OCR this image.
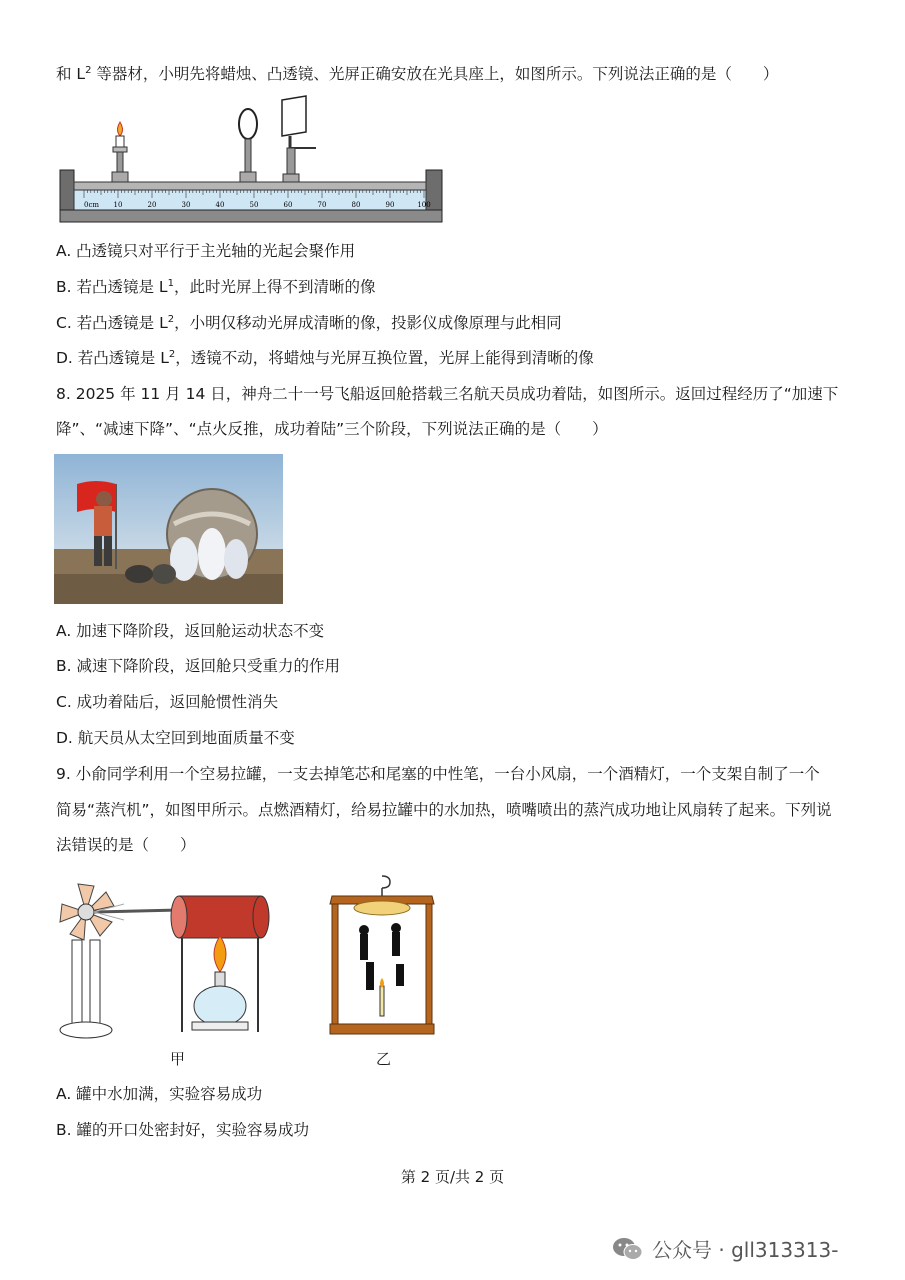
和 $L^2$ 等器材，小明先将蜡烛、凸透镜、光屏正确安放在光具座上，如图所示。下列说法正确的是（　　）
0cm 10	20	30	40	50	60	70	80	90	100
A. 凸透镜只对平行于主光轴的光起会聚作用
B. 若凸透镜是 $L^1$，此时光屏上得不到清晰的像
C. 若凸透镜是 $L^2$，小明仅移动光屏成清晰的像，投影仪成像原理与此相同
D. 若凸透镜是 $L^2$，透镜不动，将蜡烛与光屏互换位置，光屏上能得到清晰的像
8. 2025 年 11 月 14 日，神舟二十一号飞船返回舱搭载三名航天员成功着陆，如图所示。返回过程经历了“加速下
降”、“减速下降”、“点火反推，成功着陆”三个阶段，下列说法正确的是（　　）
A. 加速下降阶段，返回舱运动状态不变
B. 减速下降阶段，返回舱只受重力的作用
C. 成功着陆后，返回舱惯性消失
D. 航天员从太空回到地面质量不变
9. 小俞同学利用一个空易拉罐，一支去掉笔芯和尾塞的中性笔，一台小风扇，一个酒精灯，一个支架自制了一个
简易“蒸汽机”，如图甲所示。点燃酒精灯，给易拉罐中的水加热，喷嘴喷出的蒸汽成功地让风扇转了起来。下列说
法错误的是（　　）
甲	乙
A. 罐中水加满，实验容易成功
B. 罐的开口处密封好，实验容易成功
第 2 页/共 2 页
公众号 · gll313313-
